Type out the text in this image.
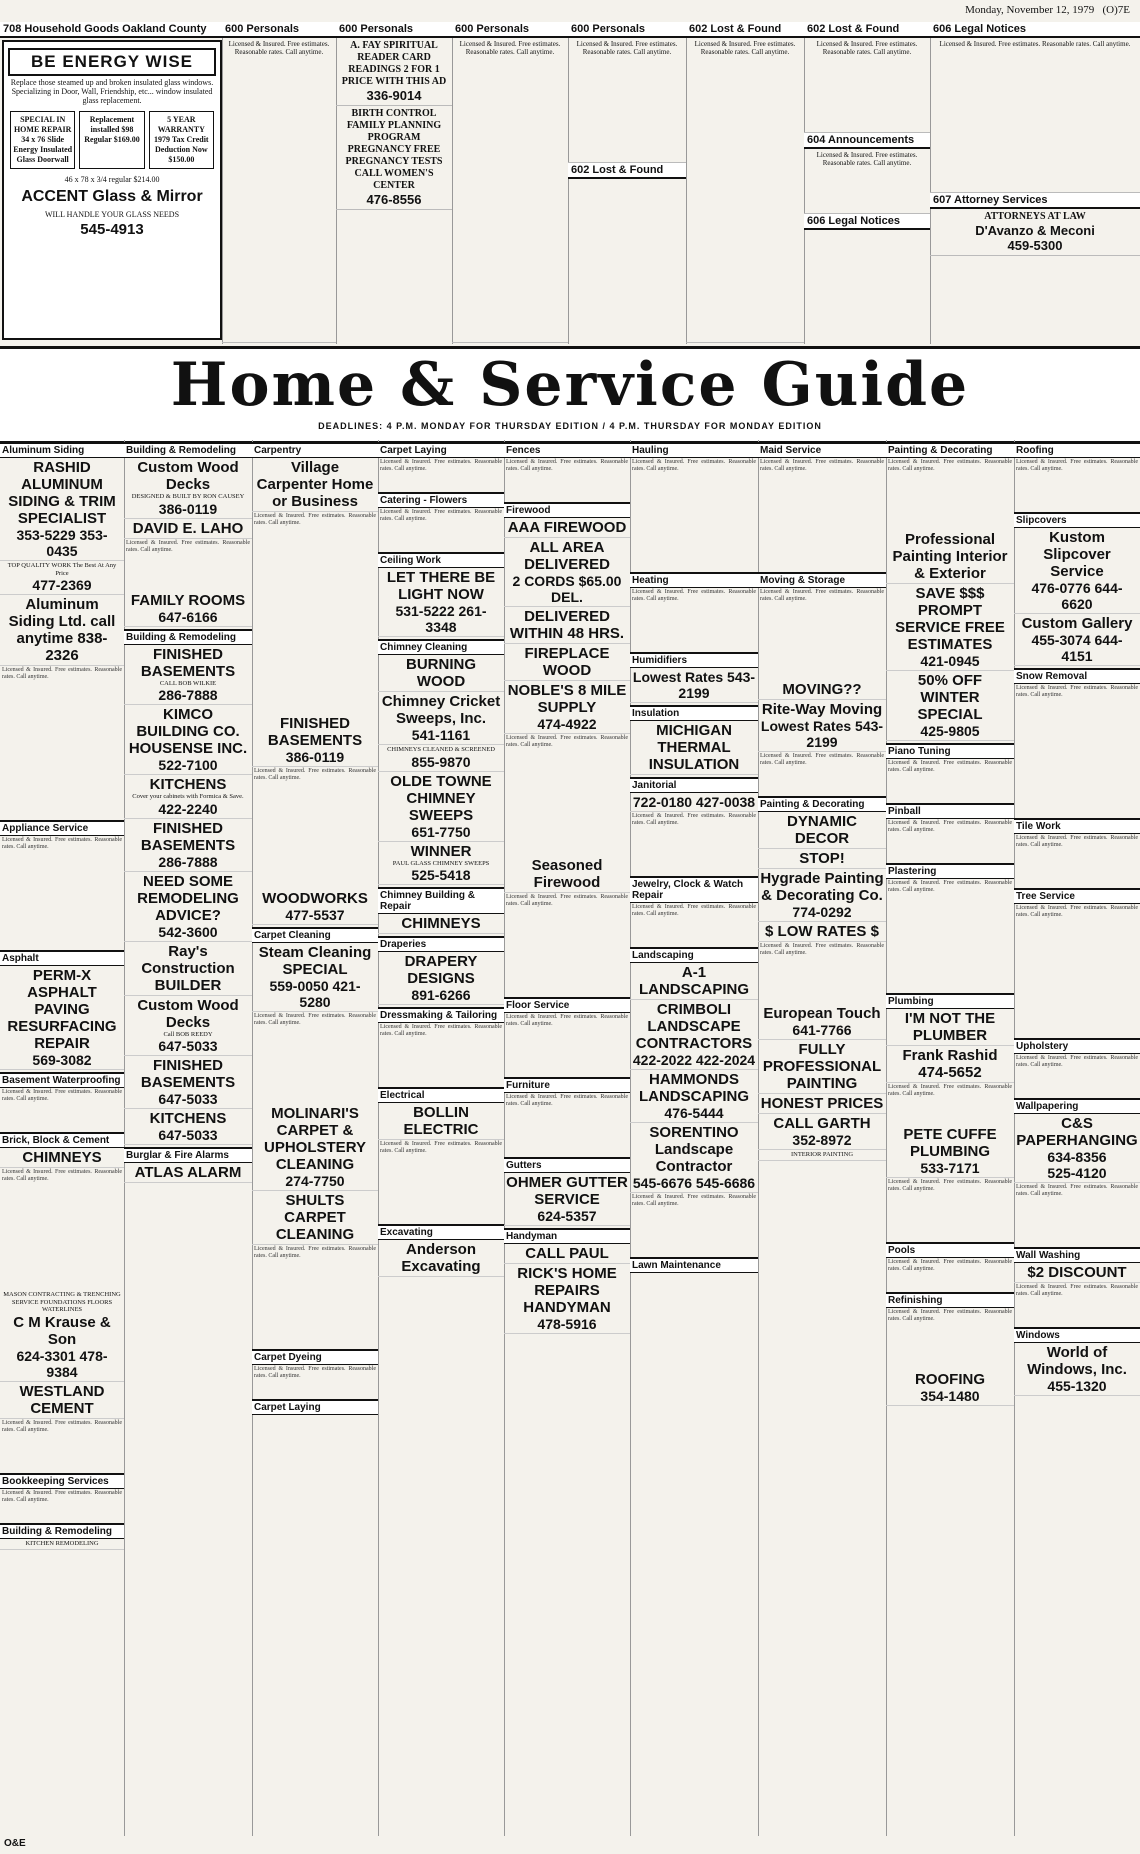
Monday, November 12, 1979 (O)7E
708 Household Goods Oakland County
BE ENERGY WISE

Replace those steamed up and broken insulated glass windows. Specializing in Door, Wall, Friendship, etc... window insulated glass replacement.

SPECIAL IN HOME REPAIR 34 x 76 Slide Energy Insulated Glass Doorwall
Replacement installed $98 Regular $169.00
5 YEAR WARRANTY 1979 Tax Credit Deduction Now $150.00

46 x 78 x 3/4 regular $214.00

ACCENT Glass & Mirror

WILL HANDLE YOUR GLASS NEEDS

545-4913
600 Personals
Licensed & Insured. Free estimates. Reasonable rates. Call anytime.
600 Personals
A. FAY SPIRITUAL READER CARD READINGS 2 FOR 1 PRICE WITH THIS AD
336-9014
BIRTH CONTROL FAMILY PLANNING PROGRAM PREGNANCY FREE PREGNANCY TESTS CALL WOMEN'S CENTER
476-8556
600 Personals
Licensed & Insured. Free estimates. Reasonable rates. Call anytime.
600 Personals
Licensed & Insured. Free estimates. Reasonable rates. Call anytime.
602 Lost & Found
602 Lost & Found
Licensed & Insured. Free estimates. Reasonable rates. Call anytime.
602 Lost & Found
Licensed & Insured. Free estimates. Reasonable rates. Call anytime.
604 Announcements
Licensed & Insured. Free estimates. Reasonable rates. Call anytime.
606 Legal Notices
606 Legal Notices
Licensed & Insured. Free estimates. Reasonable rates. Call anytime.
607 Attorney Services
ATTORNEYS AT LAW
D'Avanzo & Meconi
459-5300
Home & Service Guide
DEADLINES: 4 P.M. MONDAY FOR THURSDAY EDITION / 4 P.M. THURSDAY FOR MONDAY EDITION
Aluminum Siding
RASHID ALUMINUM SIDING & TRIM SPECIALIST
353-5229 353-0435
TOP QUALITY WORK The Best At Any Price
477-2369
Aluminum Siding Ltd. call anytime 838-2326
Licensed & Insured. Free estimates. Reasonable rates. Call anytime.
Appliance Service
Licensed & Insured. Free estimates. Reasonable rates. Call anytime.
Asphalt
PERM-X ASPHALT PAVING RESURFACING REPAIR
569-3082
Basement Waterproofing
Licensed & Insured. Free estimates. Reasonable rates. Call anytime.
Brick, Block & Cement
CHIMNEYS
Licensed & Insured. Free estimates. Reasonable rates. Call anytime.
MASON CONTRACTING & TRENCHING SERVICE FOUNDATIONS FLOORS WATERLINES
C M Krause & Son
624-3301 478-9384
WESTLAND CEMENT
Licensed & Insured. Free estimates. Reasonable rates. Call anytime.
Bookkeeping Services
Licensed & Insured. Free estimates. Reasonable rates. Call anytime.
Building & Remodeling
KITCHEN REMODELING
Building & Remodeling
Custom Wood Decks
DESIGNED & BUILT BY RON CAUSEY
386-0119
DAVID E. LAHO
Licensed & Insured. Free estimates. Reasonable rates. Call anytime.
FAMILY ROOMS
647-6166
Building & Remodeling
FINISHED BASEMENTS
CALL BOB WILKIE
286-7888
KIMCO BUILDING CO.
HOUSENSE INC.
522-7100
KITCHENS
Cover your cabinets with Formica & Save.
422-2240
FINISHED BASEMENTS
286-7888
NEED SOME REMODELING ADVICE?
542-3600
Ray's Construction BUILDER
Custom Wood Decks
Call BOB REEDY
647-5033
FINISHED BASEMENTS
647-5033
KITCHENS
647-5033
Burglar & Fire Alarms
ATLAS ALARM
Carpentry
Village Carpenter Home or Business
Licensed & Insured. Free estimates. Reasonable rates. Call anytime.
FINISHED BASEMENTS
386-0119
Licensed & Insured. Free estimates. Reasonable rates. Call anytime.
WOODWORKS
477-5537
Carpet Cleaning
Steam Cleaning SPECIAL
559-0050 421-5280
Licensed & Insured. Free estimates. Reasonable rates. Call anytime.
MOLINARI'S CARPET & UPHOLSTERY CLEANING
274-7750
SHULTS CARPET CLEANING
Licensed & Insured. Free estimates. Reasonable rates. Call anytime.
Carpet Dyeing
Licensed & Insured. Free estimates. Reasonable rates. Call anytime.
Carpet Laying
Carpet Laying
Licensed & Insured. Free estimates. Reasonable rates. Call anytime.
Catering - Flowers
Licensed & Insured. Free estimates. Reasonable rates. Call anytime.
Ceiling Work
LET THERE BE LIGHT NOW
531-5222 261-3348
Chimney Cleaning
BURNING WOOD
Chimney Cricket Sweeps, Inc.
541-1161
CHIMNEYS CLEANED & SCREENED
855-9870
OLDE TOWNE CHIMNEY SWEEPS
651-7750
WINNER
PAUL GLASS CHIMNEY SWEEPS
525-5418
Chimney Building & Repair
CHIMNEYS
Draperies
DRAPERY DESIGNS
891-6266
Dressmaking & Tailoring
Licensed & Insured. Free estimates. Reasonable rates. Call anytime.
Electrical
BOLLIN ELECTRIC
Licensed & Insured. Free estimates. Reasonable rates. Call anytime.
Excavating
Anderson Excavating
Fences
Licensed & Insured. Free estimates. Reasonable rates. Call anytime.
Firewood
AAA FIREWOOD
ALL AREA DELIVERED
2 CORDS $65.00 DEL.
DELIVERED WITHIN 48 HRS.
FIREPLACE WOOD
NOBLE'S 8 MILE SUPPLY
474-4922
Licensed & Insured. Free estimates. Reasonable rates. Call anytime.
Seasoned Firewood
Licensed & Insured. Free estimates. Reasonable rates. Call anytime.
Floor Service
Licensed & Insured. Free estimates. Reasonable rates. Call anytime.
Furniture
Licensed & Insured. Free estimates. Reasonable rates. Call anytime.
Gutters
OHMER GUTTER SERVICE
624-5357
Handyman
CALL PAUL
RICK'S HOME REPAIRS HANDYMAN
478-5916
Hauling
Licensed & Insured. Free estimates. Reasonable rates. Call anytime.
Heating
Licensed & Insured. Free estimates. Reasonable rates. Call anytime.
Humidifiers
Lowest Rates 543-2199
Insulation
MICHIGAN THERMAL INSULATION
Janitorial
722-0180 427-0038
Licensed & Insured. Free estimates. Reasonable rates. Call anytime.
Jewelry, Clock & Watch Repair
Licensed & Insured. Free estimates. Reasonable rates. Call anytime.
Landscaping
A-1 LANDSCAPING
CRIMBOLI LANDSCAPE CONTRACTORS
422-2022 422-2024
HAMMONDS LANDSCAPING
476-5444
SORENTINO Landscape Contractor
545-6676 545-6686
Licensed & Insured. Free estimates. Reasonable rates. Call anytime.
Lawn Maintenance
Maid Service
Licensed & Insured. Free estimates. Reasonable rates. Call anytime.
Moving & Storage
Licensed & Insured. Free estimates. Reasonable rates. Call anytime.
MOVING??
Rite-Way Moving
Lowest Rates 543-2199
Licensed & Insured. Free estimates. Reasonable rates. Call anytime.
Painting & Decorating
DYNAMIC DECOR
STOP!
Hygrade Painting & Decorating Co.
774-0292
$ LOW RATES $
Licensed & Insured. Free estimates. Reasonable rates. Call anytime.
European Touch
641-7766
FULLY PROFESSIONAL PAINTING
HONEST PRICES
CALL GARTH
352-8972
INTERIOR PAINTING
Painting & Decorating
Licensed & Insured. Free estimates. Reasonable rates. Call anytime.
Professional Painting Interior & Exterior
SAVE $$$ PROMPT SERVICE FREE ESTIMATES
421-0945
50% OFF WINTER SPECIAL
425-9805
Piano Tuning
Licensed & Insured. Free estimates. Reasonable rates. Call anytime.
Pinball
Licensed & Insured. Free estimates. Reasonable rates. Call anytime.
Plastering
Licensed & Insured. Free estimates. Reasonable rates. Call anytime.
Plumbing
I'M NOT THE PLUMBER
Frank Rashid 474-5652
Licensed & Insured. Free estimates. Reasonable rates. Call anytime.
PETE CUFFE PLUMBING
533-7171
Licensed & Insured. Free estimates. Reasonable rates. Call anytime.
Pools
Licensed & Insured. Free estimates. Reasonable rates. Call anytime.
Refinishing
Licensed & Insured. Free estimates. Reasonable rates. Call anytime.
ROOFING
354-1480
Roofing
Licensed & Insured. Free estimates. Reasonable rates. Call anytime.
Slipcovers
Kustom Slipcover Service
476-0776 644-6620
Custom Gallery
455-3074 644-4151
Snow Removal
Licensed & Insured. Free estimates. Reasonable rates. Call anytime.
Tile Work
Licensed & Insured. Free estimates. Reasonable rates. Call anytime.
Tree Service
Licensed & Insured. Free estimates. Reasonable rates. Call anytime.
Upholstery
Licensed & Insured. Free estimates. Reasonable rates. Call anytime.
Wallpapering
C&S PAPERHANGING
634-8356
525-4120
Licensed & Insured. Free estimates. Reasonable rates. Call anytime.
Wall Washing
$2 DISCOUNT
Licensed & Insured. Free estimates. Reasonable rates. Call anytime.
Windows
World of Windows, Inc.
455-1320
O&E
